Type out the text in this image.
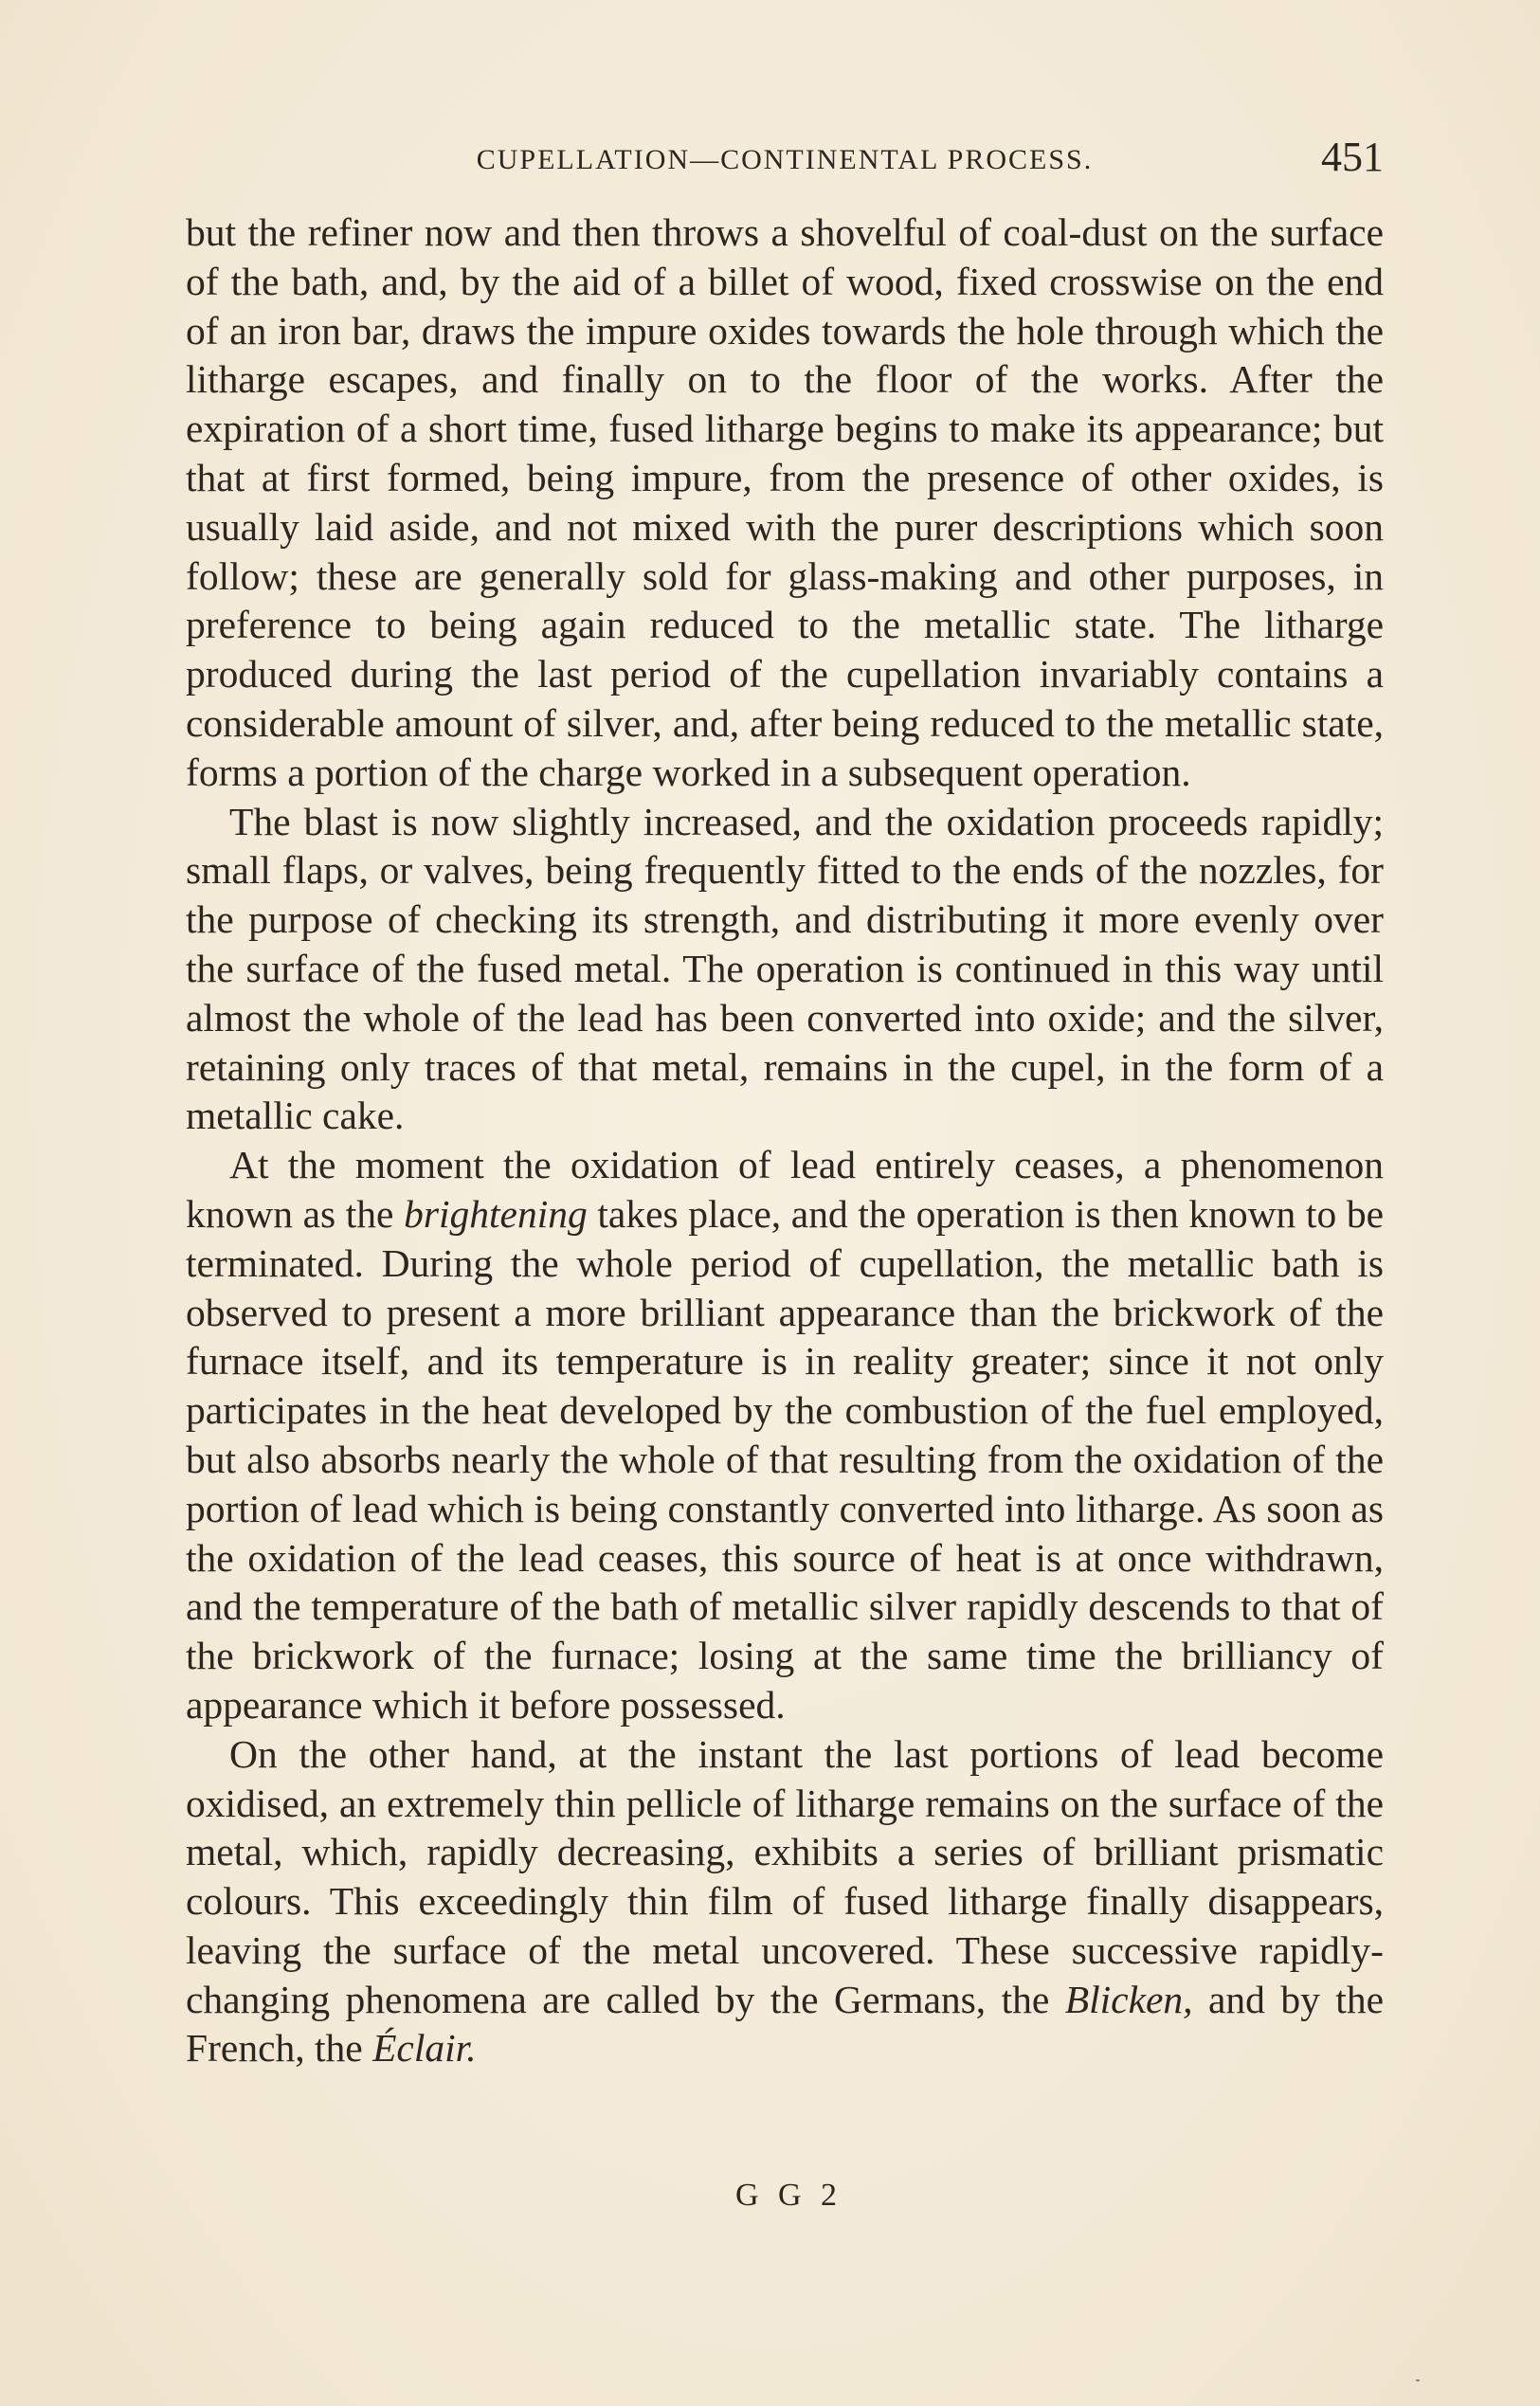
CUPELLATION—CONTINENTAL PROCESS.	451

but the refiner now and then throws a shovelful of coal-dust on the surface of the bath, and, by the aid of a billet of wood, fixed crosswise on the end of an iron bar, draws the impure oxides towards the hole through which the litharge escapes, and finally on to the floor of the works. After the expiration of a short time, fused litharge begins to make its appearance; but that at first formed, being impure, from the presence of other oxides, is usually laid aside, and not mixed with the purer descriptions which soon follow; these are generally sold for glass-making and other purposes, in preference to being again reduced to the metallic state. The litharge produced during the last period of the cupellation invariably contains a considerable amount of silver, and, after being reduced to the metallic state, forms a portion of the charge worked in a subsequent operation.

The blast is now slightly increased, and the oxidation proceeds rapidly; small flaps, or valves, being frequently fitted to the ends of the nozzles, for the purpose of checking its strength, and distributing it more evenly over the surface of the fused metal. The operation is continued in this way until almost the whole of the lead has been converted into oxide; and the silver, retaining only traces of that metal, remains in the cupel, in the form of a metallic cake.

At the moment the oxidation of lead entirely ceases, a phenomenon known as the brightening takes place, and the operation is then known to be terminated. During the whole period of cupellation, the metallic bath is observed to present a more brilliant appearance than the brickwork of the furnace itself, and its temperature is in reality greater; since it not only participates in the heat developed by the combustion of the fuel employed, but also absorbs nearly the whole of that resulting from the oxidation of the portion of lead which is being constantly converted into litharge. As soon as the oxidation of the lead ceases, this source of heat is at once withdrawn, and the temperature of the bath of metallic silver rapidly descends to that of the brickwork of the furnace; losing at the same time the brilliancy of appearance which it before possessed.

On the other hand, at the instant the last portions of lead become oxidised, an extremely thin pellicle of litharge remains on the surface of the metal, which, rapidly decreasing, exhibits a series of brilliant prismatic colours. This exceedingly thin film of fused litharge finally disappears, leaving the surface of the metal uncovered. These successive rapidly-changing phenomena are called by the Germans, the Blicken, and by the French, the Éclair.

G G 2
